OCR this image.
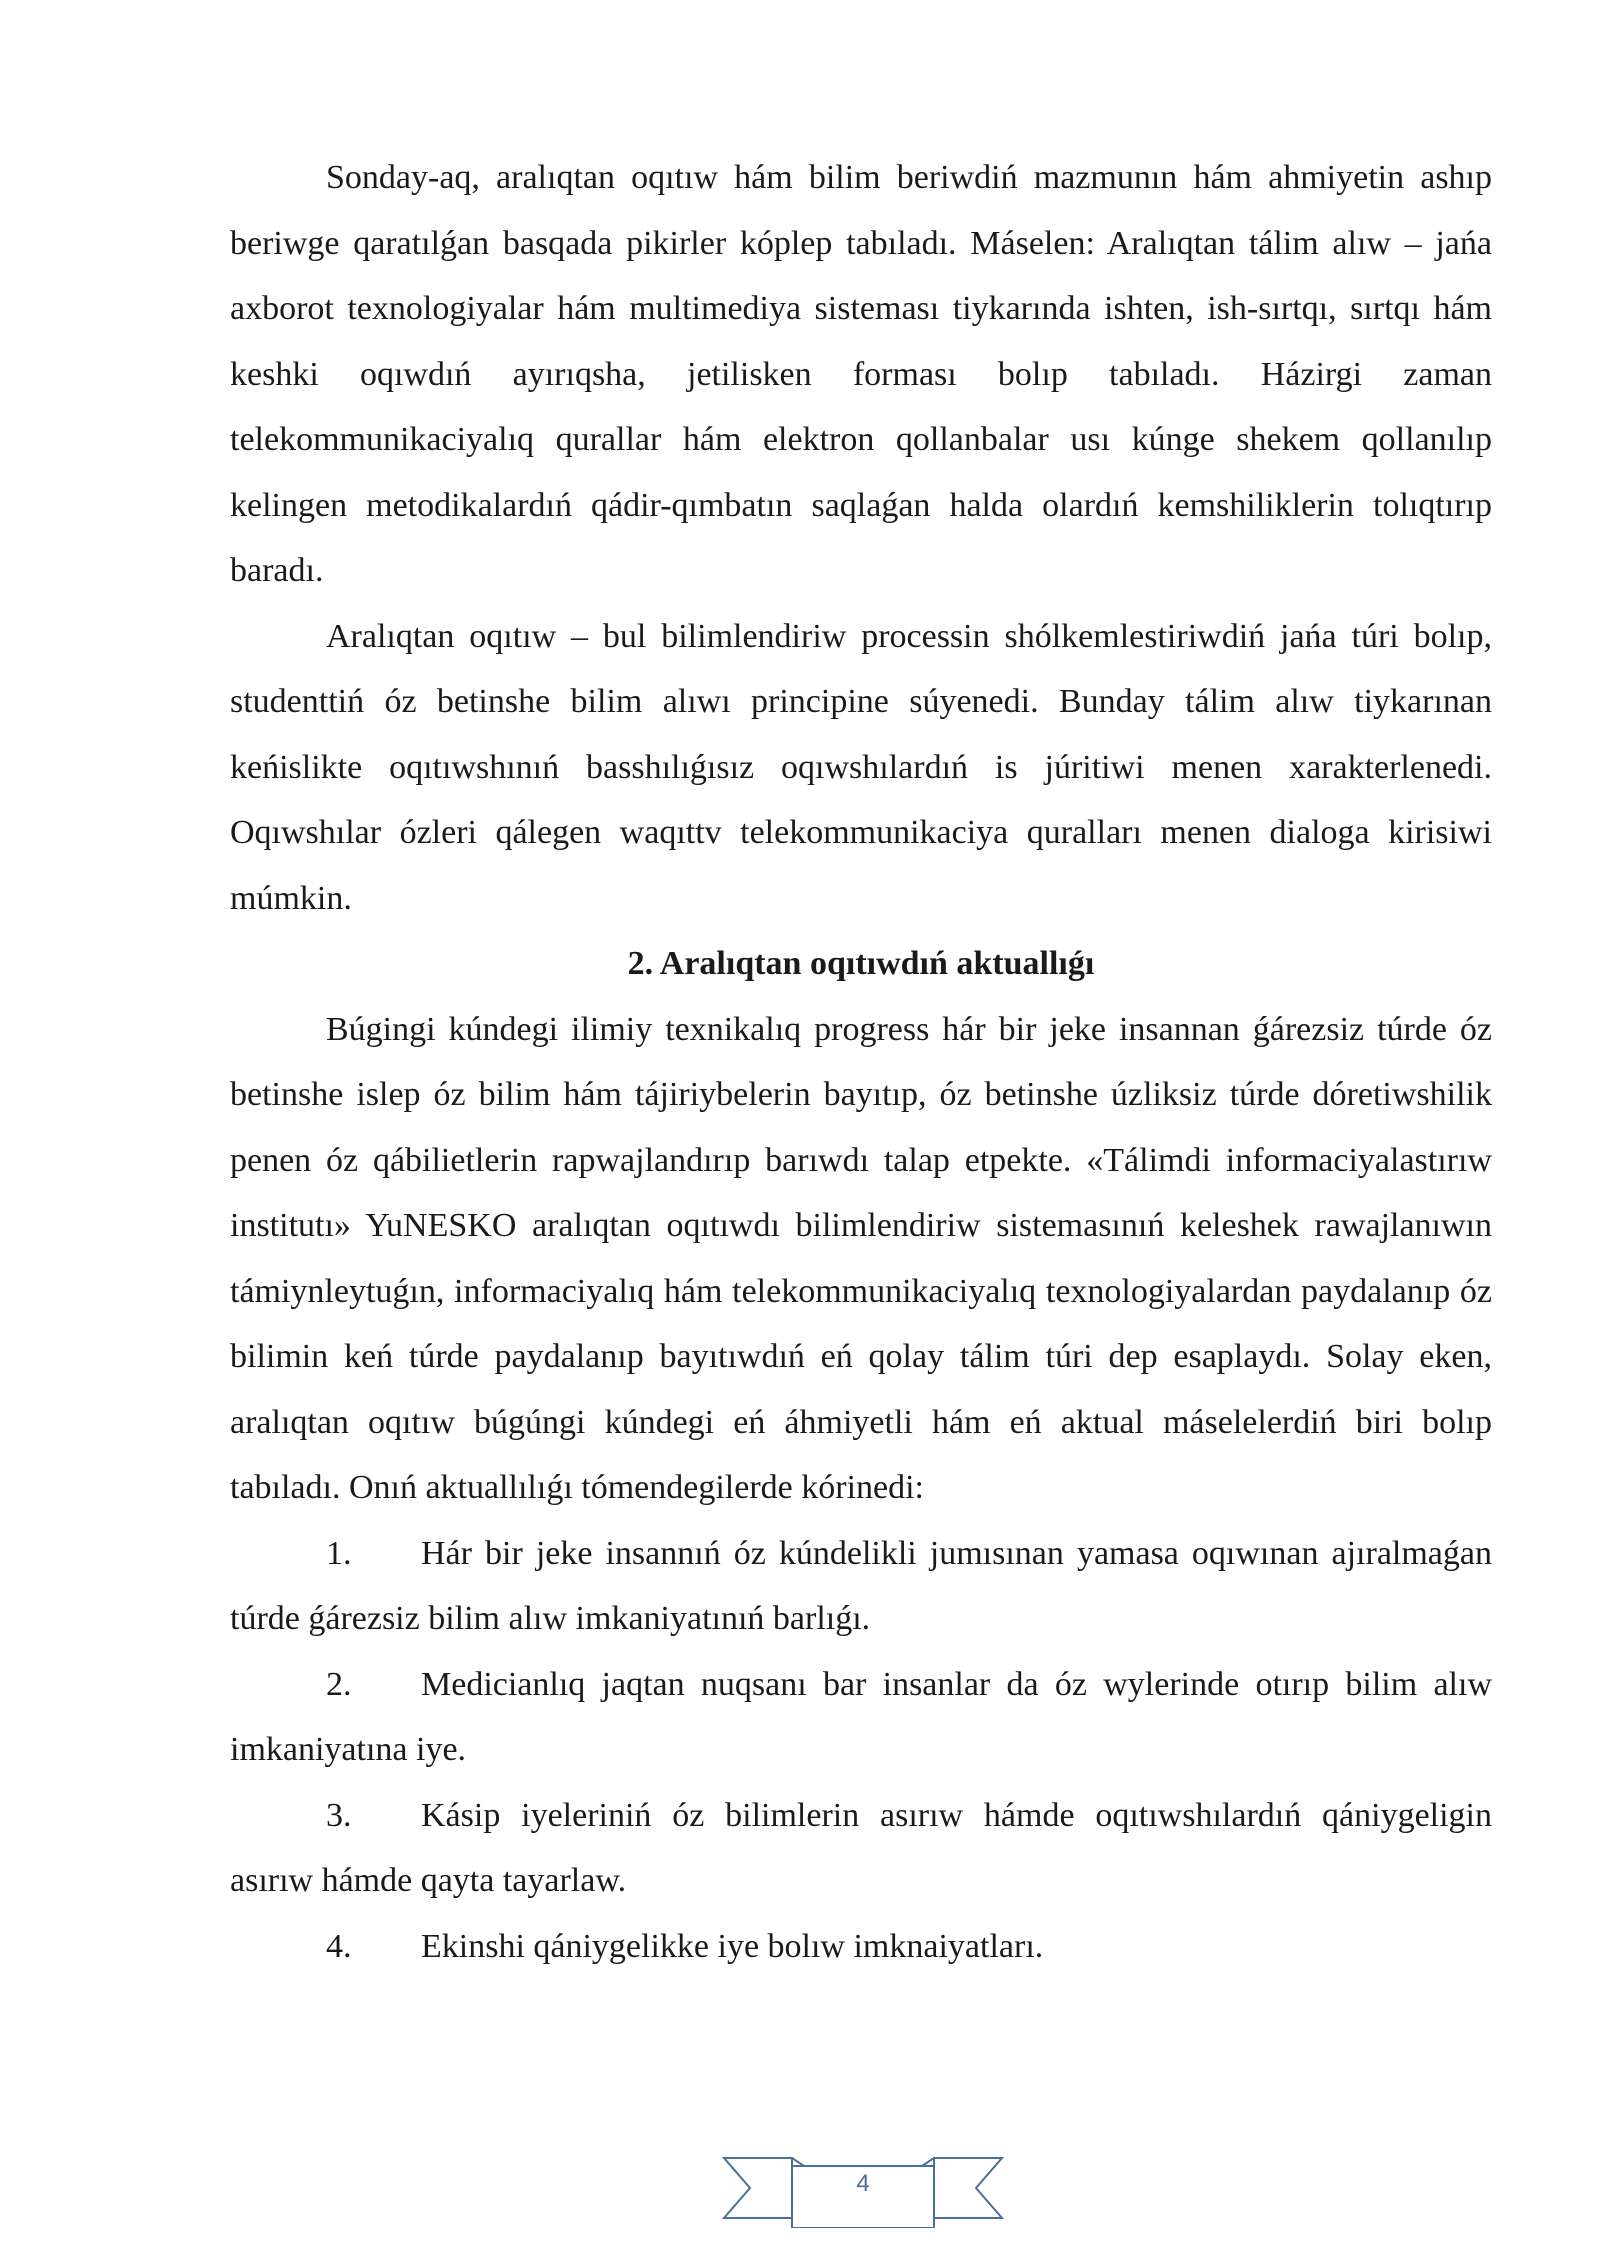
Sonday-aq, aralıqtan oqıtıw hám bilim beriwdiń mazmunın hám ahmiyetin ashıp beriwge qaratılǵan basqada pikirler kóplep tabıladı. Máselen: Aralıqtan tálim alıw – jańa axborot texnologiyalar hám multimediya sisteması tiykarında ishten, ish-sırtqı, sırtqı hám keshki oqıwdıń ayırıqsha, jetilisken forması bolıp tabıladı. Házirgi zaman telekommunikaciyalıq qurallar hám elektron qollanbalar usı kúnge shekem qollanılıp kelingen metodikalardıń qádir-qımbatın saqlaǵan halda olardıń kemshiliklerin tolıqtırıp baradı.

Aralıqtan oqıtıw – bul bilimlendiriw processin shólkemlestiriwdiń jańa túri bolıp, studenttiń óz betinshe bilim alıwı principine súyenedi. Bunday tálim alıw tiykarınan keńislikte oqıtıwshınıń basshılıǵısız oqıwshılardıń is júritiwi menen xarakterlenedi. Oqıwshılar ózleri qálegen waqıttv telekommunikaciya quralları menen dialoga kirisiwi múmkin.

2. Aralıqtan oqıtıwdıń aktuallıǵı

Búgingi kúndegi ilimiy texnikalıq progress hár bir jeke insannan ǵárezsiz túrde óz betinshe islep óz bilim hám tájiriybelerin bayıtıp, óz betinshe úzliksiz túrde dóretiwshilik penen óz qábilietlerin rapwajlandırıp barıwdı talap etpekte. «Tálimdi informaciyalastırıw institutı» YuNESKO aralıqtan oqıtıwdı bilimlendiriw sistemasınıń keleshek rawajlanıwın támiynleytuǵın, informaciyalıq hám telekommunikaciyalıq texnologiyalardan paydalanıp óz bilimin keń túrde paydalanıp bayıtıwdıń eń qolay tálim túri dep esaplaydı. Solay eken, aralıqtan oqıtıw búgúngi kúndegi eń áhmiyetli hám eń aktual máselelerdiń biri bolıp tabıladı. Onıń aktuallılıǵı tómendegilerde kórinedi:

1. Hár bir jeke insannıń óz kúndelikli jumısınan yamasa oqıwınan ajıralmaǵan túrde ǵárezsiz bilim alıw imkaniyatınıń barlıǵı.

2. Medicianlıq jaqtan nuqsanı bar insanlar da óz wylerinde otırıp bilim alıw imkaniyatına iye.

3. Kásip iyeleriniń óz bilimlerin asırıw hámde oqıtıwshılardıń qániygeligin asırıw hámde qayta tayarlaw.

4. Ekinshi qániygelikke iye bolıw imknaiyatları.

4
